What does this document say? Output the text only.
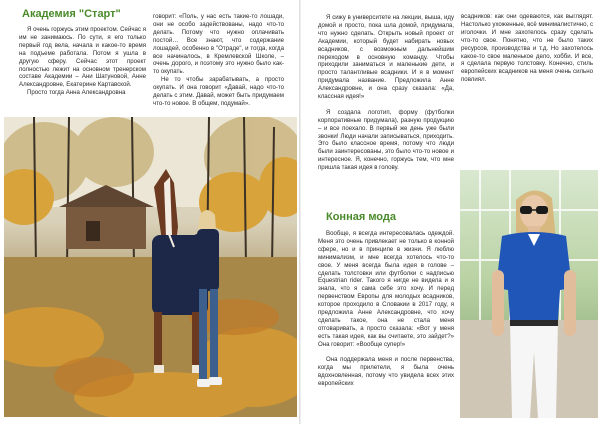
Академия "Старт"

Я очень горжусь этим проектом. Сейчас я им не занимаюсь. По сути, я его только первый год вела, начала и какое-то время на подъеме работала. Потом я ушла в другую сферу. Сейчас этот проект полностью лежит на основном тренерском составе Академии – Ани Шатуновой, Анне Александровне, Екатерине Картавской.

Просто тогда Анна Александровна

говорит: «Поль, у нас есть такие-то лошади, они не особо задействованы, надо что-то делать. Потому что нужно оплачивать постой… Все знают, что содержание лошадей, особенно в "Отраде", и тогда, когда все начиналось, в Кремлевской Школе, – очень дорого, и поэтому это нужно было как-то окупать.

Не то чтобы зарабатывать, а просто окупать. И она говорит «Давай, надо что-то делать с этим. Давай, может быть придумаем что-то новое. В общем, подумай».

Я сижу в университете на лекции, выша, иду домой и просто, пока шла домой, придумала, что нужно сделать. Открыть новый проект от Академии, который будет набирать новых всадников, с возможным дальнейшим переходом в основную команду. Чтобы приходили заниматься и маленькие дети, и просто талантливые всадники. И я в момент придумала название. Предложила Анне Александровне, и она сразу сказала: «Да, классная идея!»

Я создала логотип, форму (футболки корпоративные придумала), разную продукцию – и все поехало. В первый же день уже были звонки! Люди начали записываться, приходить. Это было классное время, потому что люди были заинтересованы, это было что-то новое и интересное. Я, конечно, горжусь тем, что мне пришла такая идея в голову.

Конная мода

Вообще, я всегда интересовалась одеждой. Меня это очень привлекает не только в конной сфере, но и в принципе в жизни. Я люблю минимализм, и мне всегда хотелось что-то свое. У меня всегда была идея в голове – сделать толстовки или футболки с надписью Equestrian rider. Такого я нигде не видела и я знала, что я сама себе это хочу. И перед первенством Европы для молодых всадников, которое проходило в Словакии в 2017 году, я предложила Анне Александровне, что хочу сделать такое, она не стала меня отговаривать, а просто сказала: «Вот у меня есть такая идея, как вы считаете, это зайдет?» Она говорит: «Вообще супер!»

Она поддержала меня и после первенства, когда мы прилетели, я была очень вдохновленная, потому что увидела всех этих европейских

всадников: как они одеваются, как выглядят. Настолько ухоженные, всё минималистично, с иголочки. И мне захотелось сразу сделать что-то свое. Понятно, что не было таких ресурсов, производства и т.д. Но захотелось какое-то свое маленькое дело, хобби. И все, я сделала первую толстовку. Конечно, стиль европейских всадников на меня очень сильно повлиял.
